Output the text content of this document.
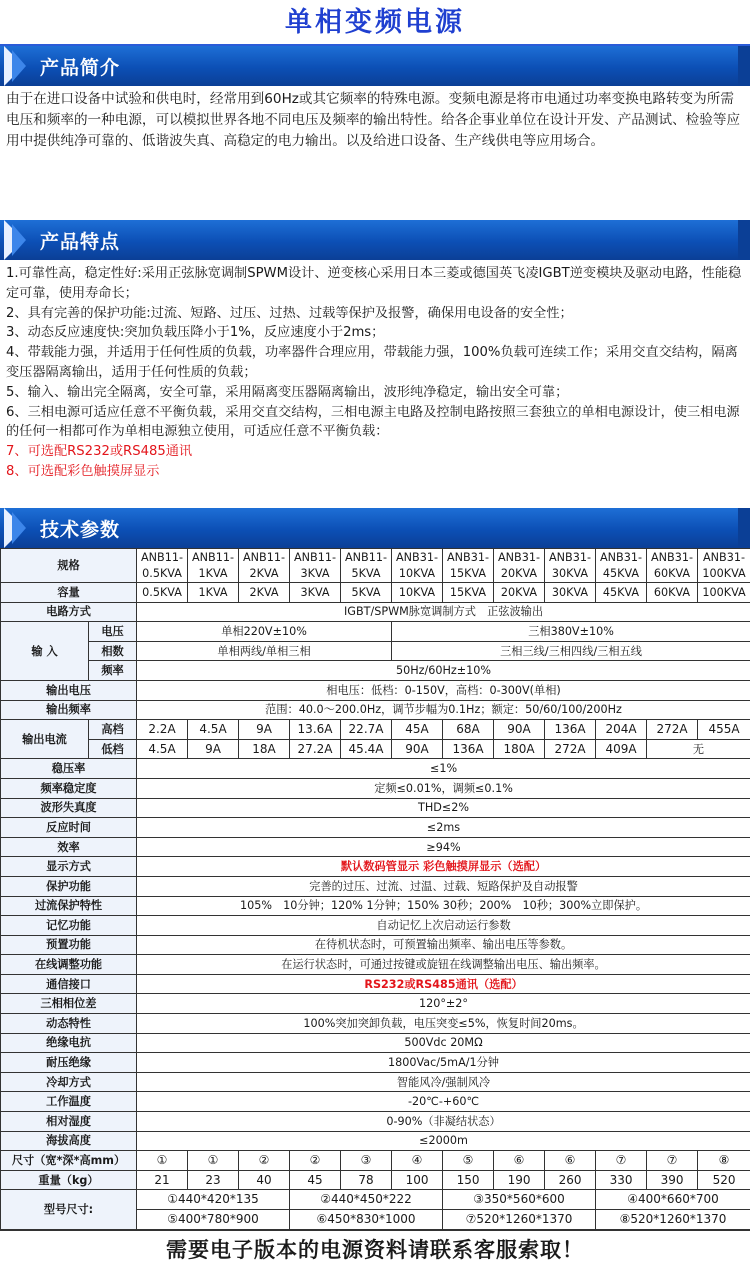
单相变频电源
产品简介
由于在进口设备中试验和供电时，经常用到60Hz或其它频率的特殊电源。变频电源是将市电通过功率变换电路转变为所需电压和频率的一种电源，可以模拟世界各地不同电压及频率的输出特性。给各企事业单位在设计开发、产品测试、检验等应用中提供纯净可靠的、低谐波失真、高稳定的电力输出。以及给进口设备、生产线供电等应用场合。
产品特点

1.可靠性高，稳定性好:采用正弦脉宽调制SPWM设计、逆变核心采用日本三菱或德国英飞凌IGBT逆变模块及驱动电路，性能稳定可靠，使用寿命长；

2、具有完善的保护功能:过流、短路、过压、过热、过载等保护及报警，确保用电设备的安全性；

3、动态反应速度快:突加负载压降小于1%，反应速度小于2ms；

4、带载能力强，并适用于任何性质的负载，功率器件合理应用，带载能力强，100%负载可连续工作；采用交直交结构，隔离变压器隔离输出，适用于任何性质的负载；

5、输入、输出完全隔离，安全可靠，采用隔离变压器隔离输出，波形纯净稳定，输出安全可靠；

6、三相电源可适应任意不平衡负载，采用交直交结构，三相电源主电路及控制电路按照三套独立的单相电源设计，使三相电源的任何一相都可作为单相电源独立使用，可适应任意不平衡负载：

7、可选配RS232或RS485通讯

8、可选配彩色触摸屏显示

技术参数
规格		ANB11-0.5KVA	ANB11-1KVA	ANB11-2KVA	ANB11-3KVA	ANB11-5KVA	ANB31-10KVA	ANB31-15KVA	ANB31-20KVA	ANB31-30KVA	ANB31-45KVA	ANB31-60KVA	ANB31-100KVA
容量		0.5KVA	1KVA	2KVA	3KVA	5KVA	10KVA	15KVA	20KVA	30KVA	45KVA	60KVA	100KVA
电路方式		IGBT/SPWM脉宽调制方式　正弦波输出											
输 入	电压	单相220V±10%					三相380V±10%						
	相数	单相两线/单相三相					三相三线/三相四线/三相五线						
	频率	50Hz/60Hz±10%											
输出电压		相电压：低档：0-150V，高档：0-300V(单相)											
输出频率		范围：40.0～200.0Hz，调节步幅为0.1Hz；额定：50/60/100/200Hz											
输出电流	高档	2.2A	4.5A	9A	13.6A	22.7A	45A	68A	90A	136A	204A	272A	455A
	低档	4.5A	9A	18A	27.2A	45.4A	90A	136A	180A	272A	409A	无	
稳压率		≤1%											
频率稳定度		定频≤0.01%，调频≤0.1%											
波形失真度		THD≤2%											
反应时间		≤2ms											
效率		≥94%											
显示方式		默认数码管显示 彩色触摸屏显示（选配）											
保护功能		完善的过压、过流、过温、过载、短路保护及自动报警											
过流保护特性		105%　10分钟；120% 1分钟；150% 30秒；200%　10秒；300%立即保护。											
记忆功能		自动记忆上次启动运行参数											
预置功能		在待机状态时，可预置输出频率、输出电压等参数。											
在线调整功能		在运行状态时，可通过按键或旋钮在线调整输出电压、输出频率。											
通信接口		RS232或RS485通讯（选配）											
三相相位差		120°±2°											
动态特性		100%突加突卸负载，电压突变≤5%，恢复时间20ms。											
绝缘电抗		500Vdc 20MΩ											
耐压绝缘		1800Vac/5mA/1分钟											
冷却方式		智能风冷/强制风冷											
工作温度		-20℃-+60℃											
相对湿度		0-90%（非凝结状态）											
海拔高度		≤2000m											
尺寸（宽*深*高mm）		①	①	②	②	③	④	⑤	⑥	⑥	⑦	⑦	⑧
重量（kg）		21	23	40	45	78	100	150	190	260	330	390	520
型号尺寸:		①440*420*135			②440*450*222			③350*560*600			④400*660*700		
		⑤400*780*900			⑥450*830*1000			⑦520*1260*1370			⑧520*1260*1370		
需要电子版本的电源资料请联系客服索取！
